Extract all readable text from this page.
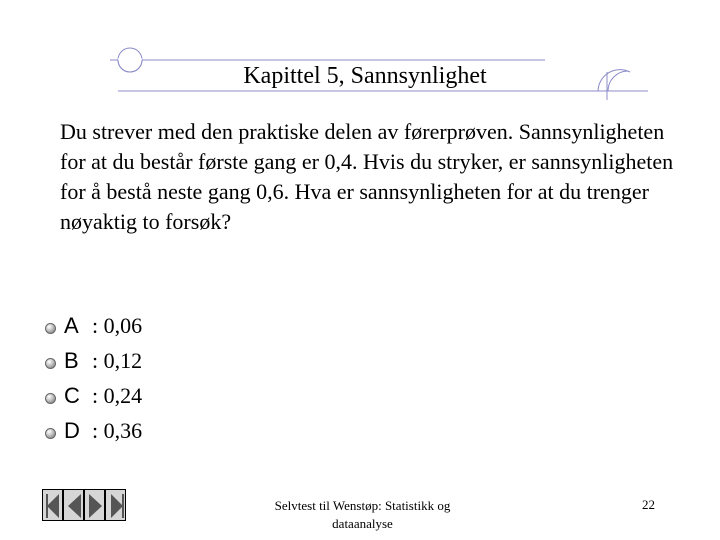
Kapittel 5, Sannsynlighet
Du strever med den praktiske delen av førerprøven. Sannsynligheten for at du består første gang er 0,4. Hvis du stryker, er sannsynligheten for å bestå neste gang 0,6. Hva er sannsynligheten for at du trenger nøyaktig to forsøk?
A : 0,06
B : 0,12
C : 0,24
D : 0,36
Selvtest til Wenstøp: Statistikk og
dataanalyse
22
